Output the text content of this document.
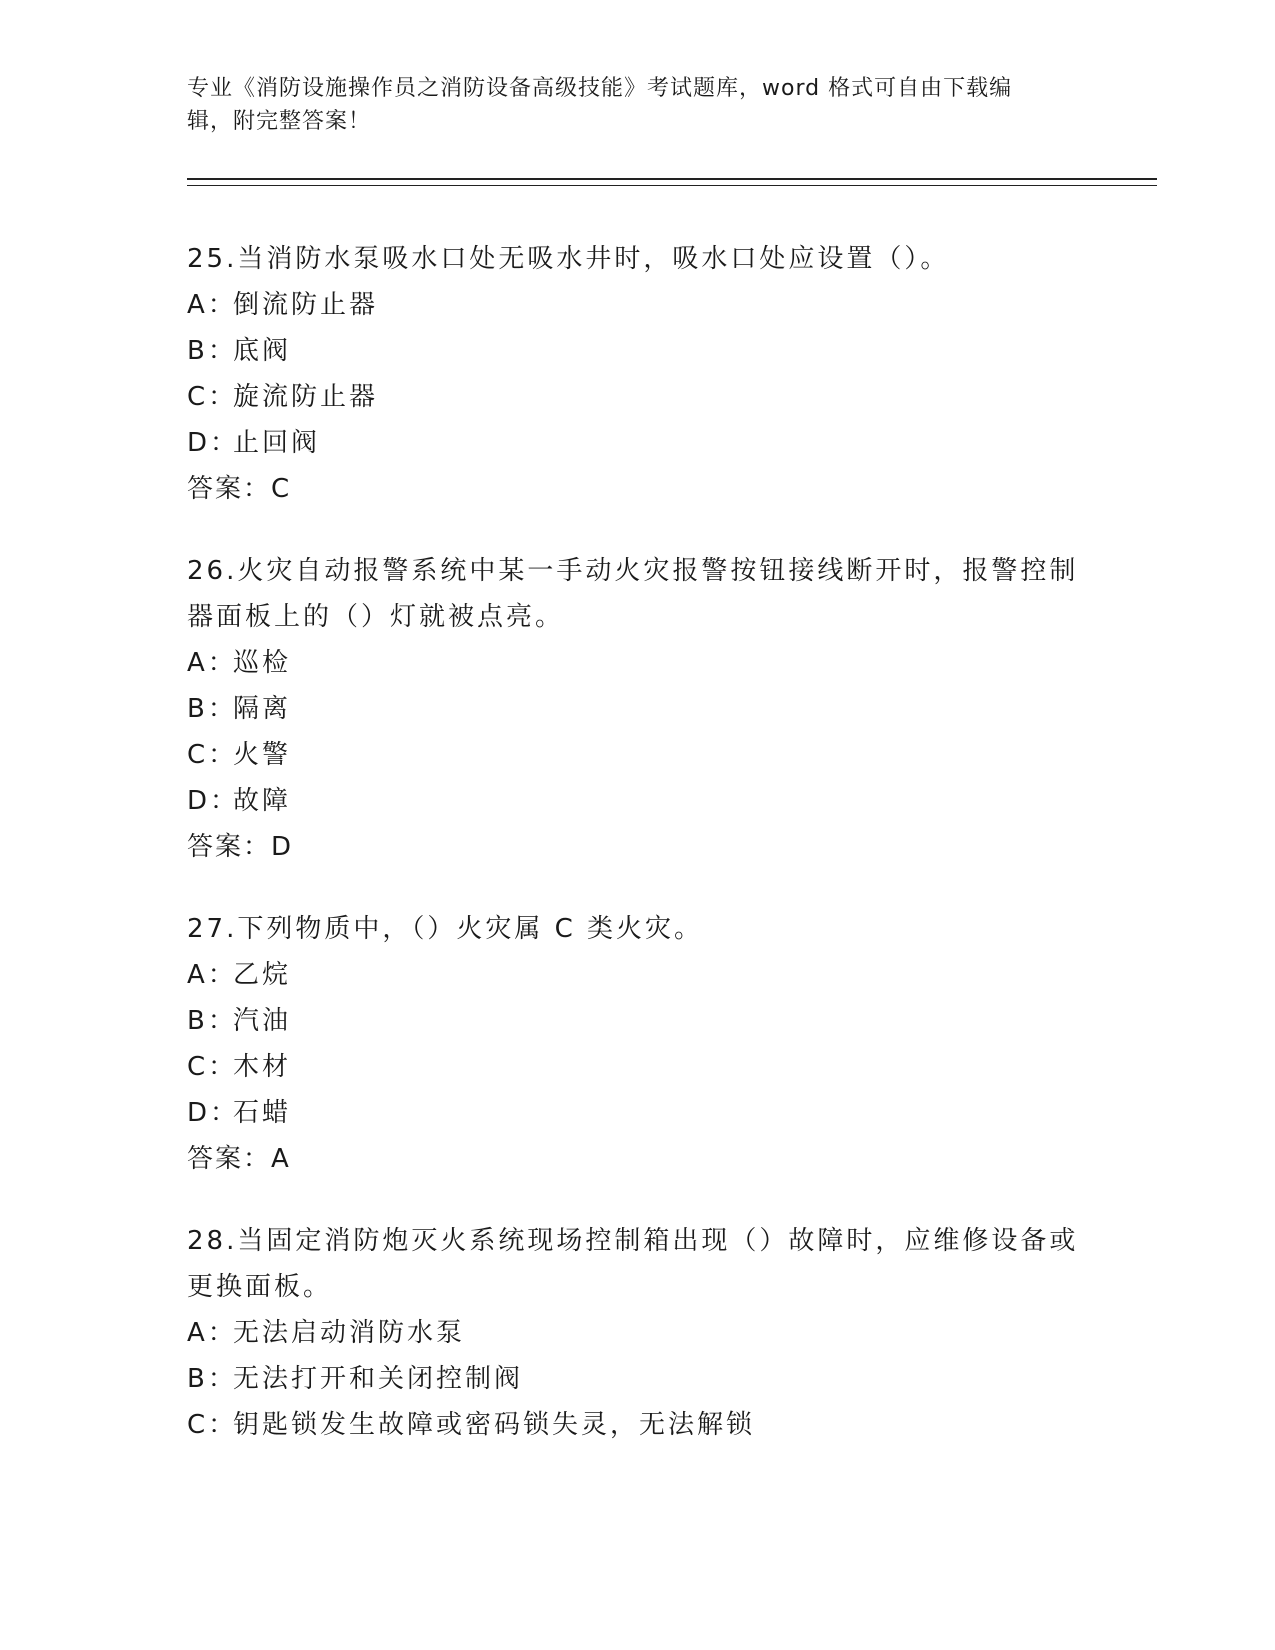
专业《消防设施操作员之消防设备高级技能》考试题库，word 格式可自由下载编
辑，附完整答案！

25.当消防水泵吸水口处无吸水井时，吸水口处应设置（）。

A：倒流防止器
B：底阀
C：旋流防止器
D：止回阀
答案：C

26.火灾自动报警系统中某一手动火灾报警按钮接线断开时，报警控制器面板上的（）灯就被点亮。

A：巡检
B：隔离
C：火警
D：故障
答案：D

27.下列物质中，（）火灾属 C 类火灾。

A：乙烷
B：汽油
C：木材
D：石蜡
答案：A

28.当固定消防炮灭火系统现场控制箱出现（）故障时，应维修设备或更换面板。

A：无法启动消防水泵
B：无法打开和关闭控制阀
C：钥匙锁发生故障或密码锁失灵，无法解锁
